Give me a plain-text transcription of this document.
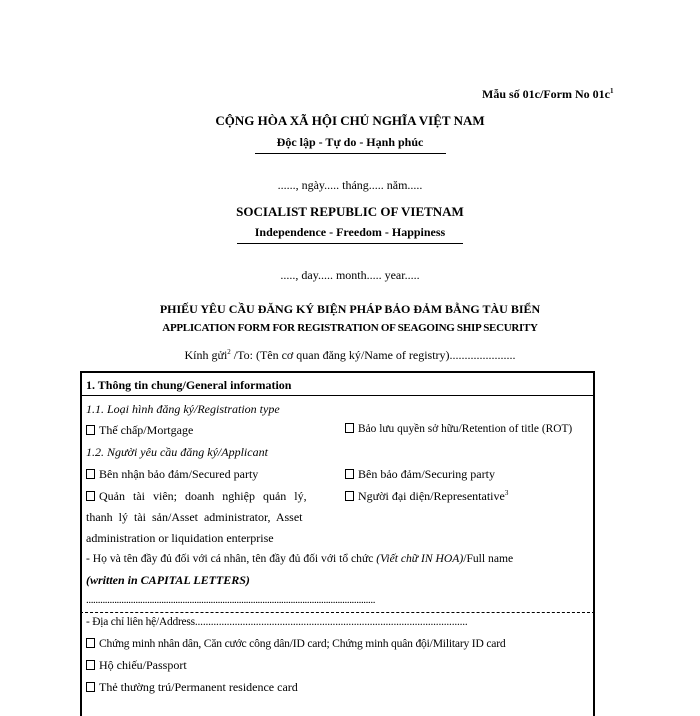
Mẫu số 01c/Form No $01c^1$
CỘNG HÒA XÃ HỘI CHỦ NGHĨA VIỆT NAM
Độc lập - Tự do - Hạnh phúc
......, ngày..... tháng..... năm.....
SOCIALIST REPUBLIC OF VIETNAM
Independence - Freedom - Happiness
....., day..... month..... year.....
PHIẾU YÊU CẦU ĐĂNG KÝ BIỆN PHÁP BẢO ĐẢM BẰNG TÀU BIỂN
APPLICATION FORM FOR REGISTRATION OF SEAGOING SHIP SECURITY
Kính gửi$^2$ /To: (Tên cơ quan đăng ký/Name of registry)......................
1. Thông tin chung/General information
1.1. Loại hình đăng ký/Registration type
Thế chấp/Mortgage	Bảo lưu quyền sở hữu/Retention of title (ROT)
1.2. Người yêu cầu đăng ký/Applicant
Bên nhận bảo đảm/Secured party	Bên bảo đảm/Securing party
Quản tài viên; doanh nghiệp quản lý,
thanh lý tài sản/Asset administrator, Asset
administration or liquidation enterprise
Người đại diện/Representative$^3$
- Họ và tên đầy đủ đối với cá nhân, tên đầy đủ đối với tổ chức (Viết chữ IN HOA)/Full name
(written in CAPITAL LETTERS)
...........................................................................................................................
- Địa chỉ liên hệ/Address.......................................................................................................
Chứng minh nhân dân, Căn cước công dân/ID card; Chứng minh quân đội/Military ID card
Hộ chiếu/Passport
Thẻ thường trú/Permanent residence card
